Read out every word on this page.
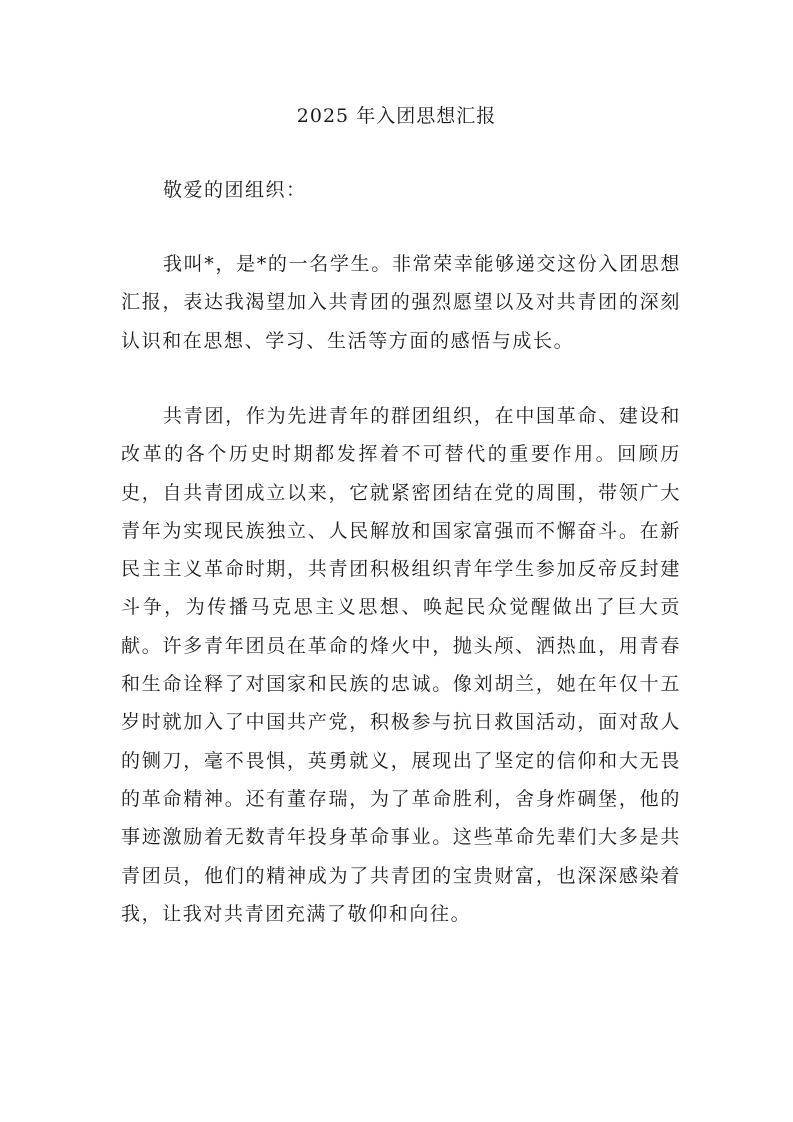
2025 年入团思想汇报
敬爱的团组织：

我叫*，是*的一名学生。非常荣幸能够递交这份入团思想汇报，表达我渴望加入共青团的强烈愿望以及对共青团的深刻认识和在思想、学习、生活等方面的感悟与成长。

共青团，作为先进青年的群团组织，在中国革命、建设和改革的各个历史时期都发挥着不可替代的重要作用。回顾历史，自共青团成立以来，它就紧密团结在党的周围，带领广大青年为实现民族独立、人民解放和国家富强而不懈奋斗。在新民主主义革命时期，共青团积极组织青年学生参加反帝反封建斗争，为传播马克思主义思想、唤起民众觉醒做出了巨大贡献。许多青年团员在革命的烽火中，抛头颅、洒热血，用青春和生命诠释了对国家和民族的忠诚。像刘胡兰，她在年仅十五岁时就加入了中国共产党，积极参与抗日救国活动，面对敌人的铡刀，毫不畏惧，英勇就义，展现出了坚定的信仰和大无畏的革命精神。还有董存瑞，为了革命胜利，舍身炸碉堡，他的事迹激励着无数青年投身革命事业。这些革命先辈们大多是共青团员，他们的精神成为了共青团的宝贵财富，也深深感染着我，让我对共青团充满了敬仰和向往。
